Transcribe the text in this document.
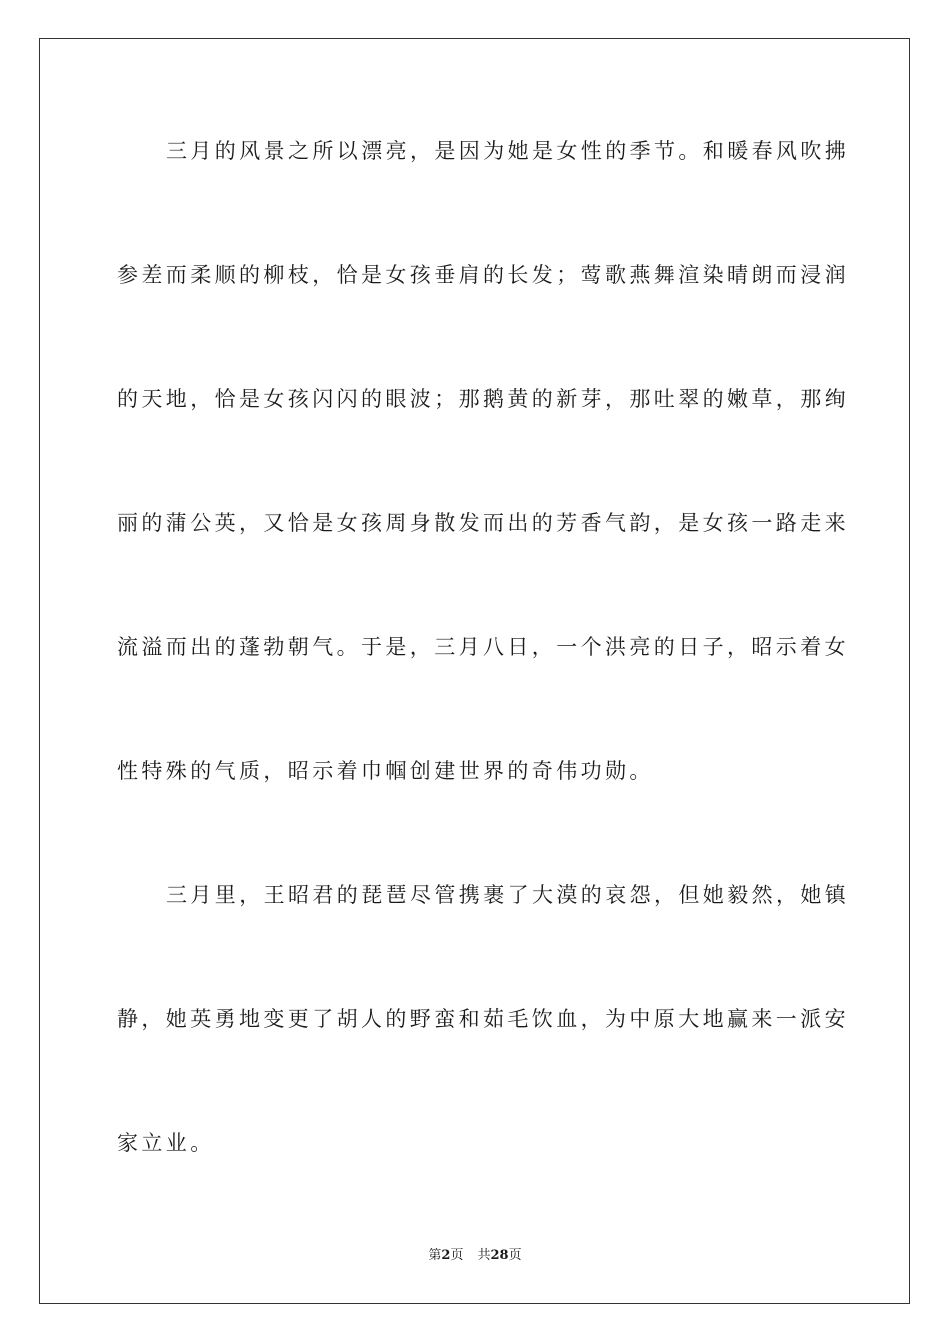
三月的风景之所以漂亮，是因为她是女性的季节。和暖春风吹拂
参差而柔顺的柳枝，恰是女孩垂肩的长发；莺歌燕舞渲染晴朗而浸润
的天地，恰是女孩闪闪的眼波；那鹅黄的新芽，那吐翠的嫩草，那绚
丽的蒲公英，又恰是女孩周身散发而出的芳香气韵，是女孩一路走来
流溢而出的蓬勃朝气。于是，三月八日，一个洪亮的日子，昭示着女
性特殊的气质，昭示着巾帼创建世界的奇伟功勋。
三月里，王昭君的琵琶尽管携裹了大漠的哀怨，但她毅然，她镇
静，她英勇地变更了胡人的野蛮和茹毛饮血，为中原大地赢来一派安
家立业。
第2页 共28页
